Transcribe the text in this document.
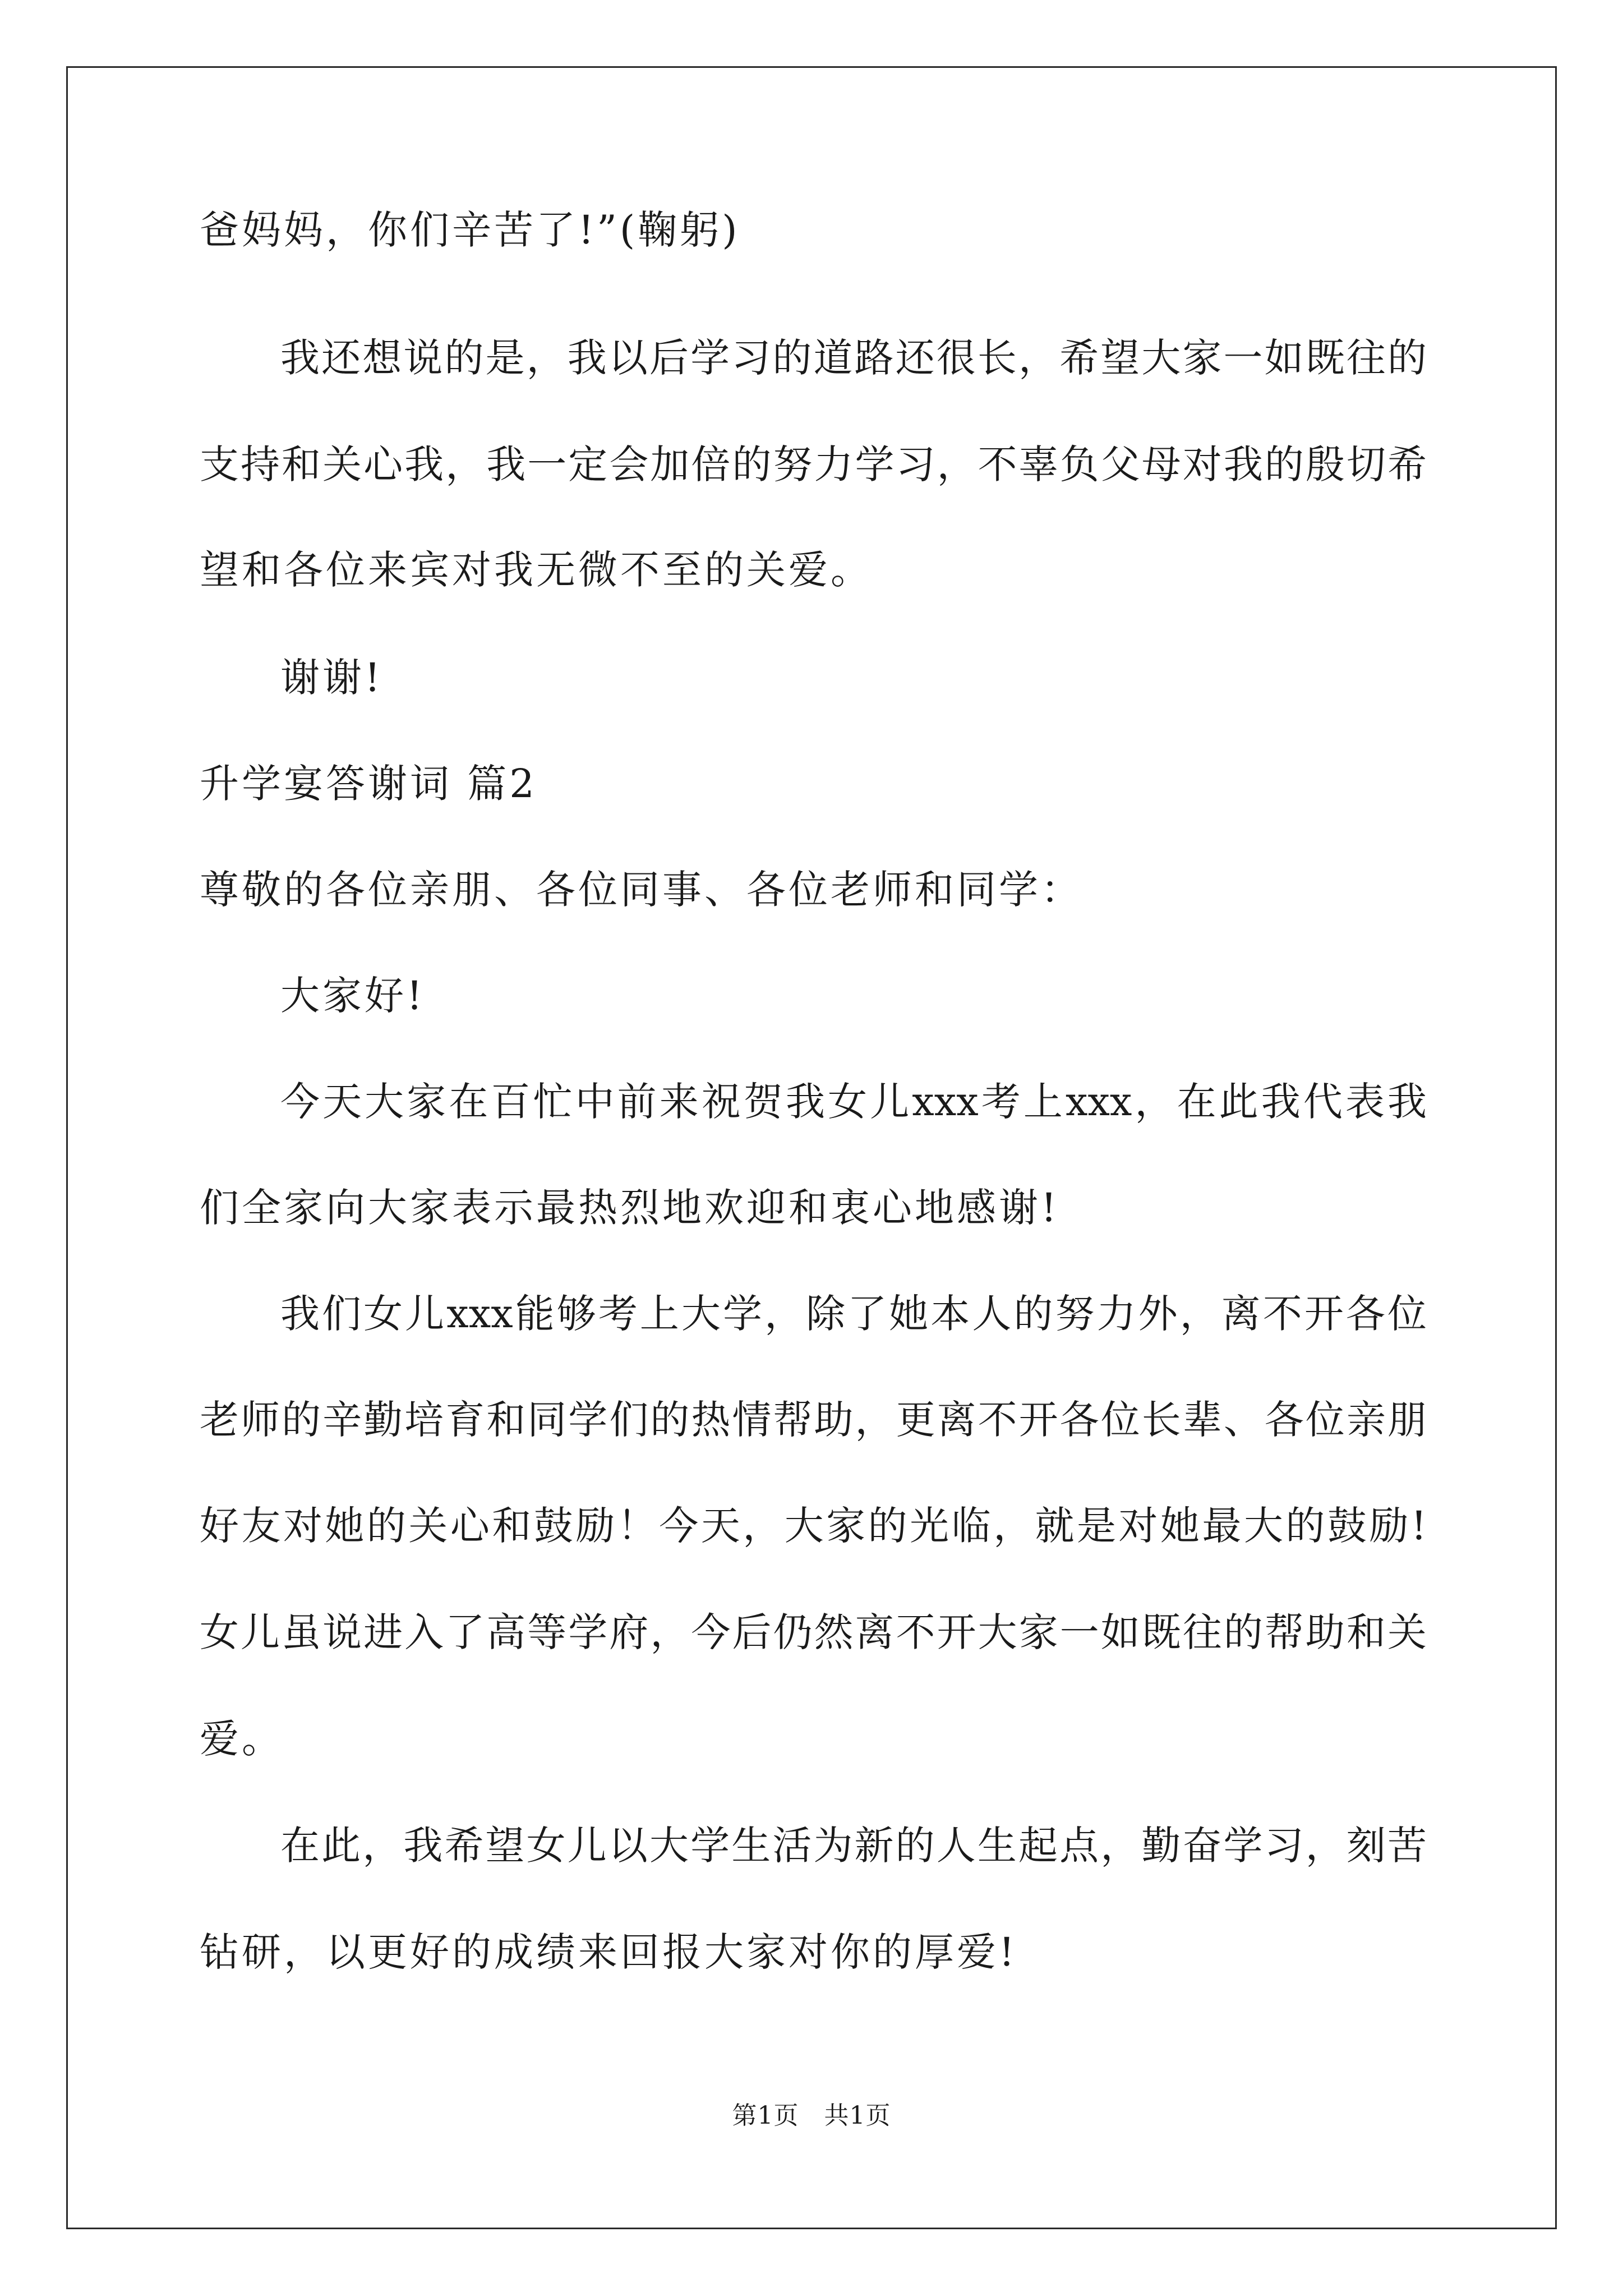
爸妈妈，你们辛苦了!”(鞠躬)
我还想说的是，我以后学习的道路还很长，希望大家一如既往的
支持和关心我，我一定会加倍的努力学习，不辜负父母对我的殷切希
望和各位来宾对我无微不至的关爱。
谢谢!
升学宴答谢词 篇2
尊敬的各位亲朋、各位同事、各位老师和同学：
大家好!
今天大家在百忙中前来祝贺我女儿xxx考上xxx，在此我代表我
们全家向大家表示最热烈地欢迎和衷心地感谢!
我们女儿xxx能够考上大学，除了她本人的努力外，离不开各位
老师的辛勤培育和同学们的热情帮助，更离不开各位长辈、各位亲朋
好友对她的关心和鼓励！今天，大家的光临，就是对她最大的鼓励!
女儿虽说进入了高等学府，今后仍然离不开大家一如既往的帮助和关
爱。
在此，我希望女儿以大学生活为新的人生起点，勤奋学习，刻苦
钻研，以更好的成绩来回报大家对你的厚爱!
第1页   共1页
